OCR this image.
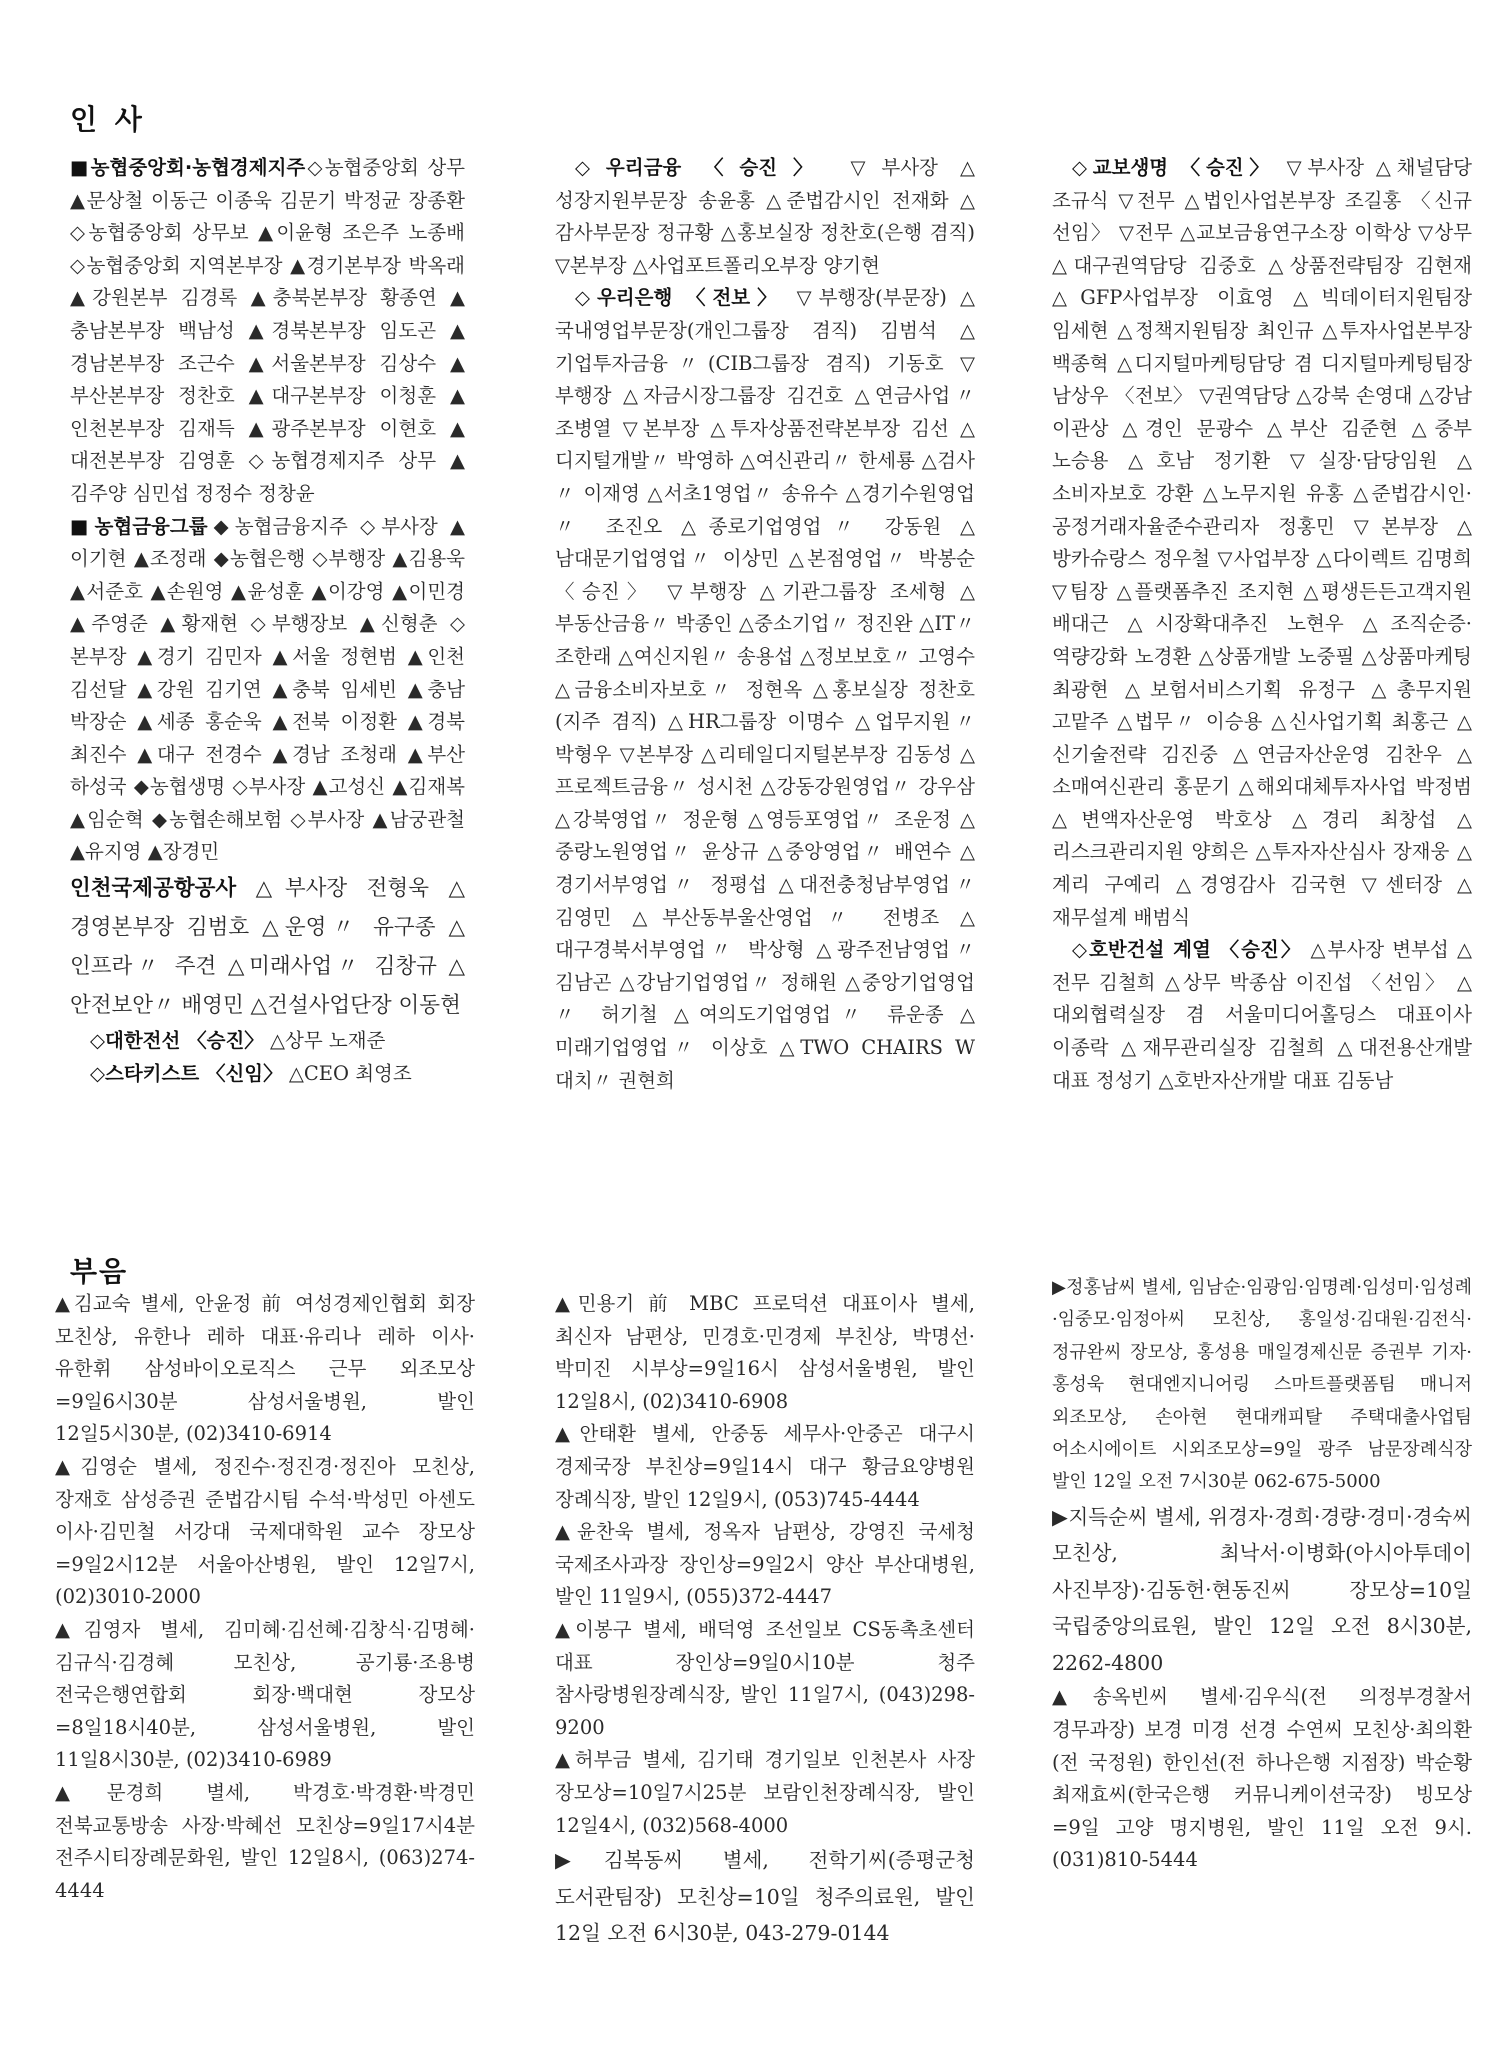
인 사

■농협중앙회·농협경제지주◇농협중앙회 상무 ▲문상철 이동근 이종욱 김문기 박정균 장종환 ◇농협중앙회 상무보 ▲이윤형 조은주 노종배 ◇농협중앙회 지역본부장 ▲경기본부장 박옥래 ▲강원본부 김경록 ▲충북본부장 황종연 ▲충남본부장 백남성 ▲경북본부장 임도곤 ▲경남본부장 조근수 ▲서울본부장 김상수 ▲부산본부장 정찬호 ▲대구본부장 이청훈 ▲인천본부장 김재득 ▲광주본부장 이현호 ▲대전본부장 김영훈 ◇농협경제지주 상무 ▲김주양 심민섭 정정수 정창윤

■농협금융그룹◆농협금융지주 ◇부사장 ▲이기현 ▲조정래 ◆농협은행 ◇부행장 ▲김용욱 ▲서준호 ▲손원영 ▲윤성훈 ▲이강영 ▲이민경 ▲주영준 ▲황재현 ◇부행장보 ▲신형춘 ◇본부장 ▲경기 김민자 ▲서울 정현범 ▲인천 김선달 ▲강원 김기연 ▲충북 임세빈 ▲충남 박장순 ▲세종 홍순욱 ▲전북 이정환 ▲경북 최진수 ▲대구 전경수 ▲경남 조청래 ▲부산 하성국 ◆농협생명 ◇부사장 ▲고성신 ▲김재복 ▲임순혁 ◆농협손해보험 ◇부사장 ▲남궁관철 ▲유지영 ▲장경민

인천국제공항공사 △부사장 전형욱 △경영본부장 김범호 △운영〃 유구종 △인프라〃 주견 △미래사업〃 김창규 △안전보안〃 배영민 △건설사업단장 이동현

◇대한전선 〈승진〉 △상무 노재준

◇스타키스트 〈신임〉 △CEO 최영조

◇우리금융 〈승진〉 ▽부사장 △성장지원부문장 송윤홍 △준법감시인 전재화 △감사부문장 정규황 △홍보실장 정찬호(은행 겸직) ▽본부장 △사업포트폴리오부장 양기현

◇우리은행 〈전보〉 ▽부행장(부문장) △국내영업부문장(개인그룹장 겸직) 김범석 △기업투자금융〃(CIB그룹장 겸직) 기동호 ▽부행장 △자금시장그룹장 김건호 △연금사업〃 조병열 ▽본부장 △투자상품전략본부장 김선 △디지털개발〃 박영하 △여신관리〃 한세룡 △검사〃 이재영 △서초1영업〃 송유수 △경기수원영업〃 조진오 △종로기업영업〃 강동원 △남대문기업영업〃 이상민 △본점영업〃 박봉순 〈승진〉 ▽부행장 △기관그룹장 조세형 △부동산금융〃 박종인 △중소기업〃 정진완 △IT〃 조한래 △여신지원〃 송용섭 △정보보호〃 고영수 △금융소비자보호〃 정현옥 △홍보실장 정찬호(지주 겸직) △HR그룹장 이명수 △업무지원〃 박형우 ▽본부장 △리테일디지털본부장 김동성 △프로젝트금융〃 성시천 △강동강원영업〃 강우삼 △강북영업〃 정운형 △영등포영업〃 조운정 △중랑노원영업〃 윤상규 △중앙영업〃 배연수 △경기서부영업〃 정평섭 △대전충청남부영업〃 김영민 △부산동부울산영업〃 전병조 △대구경북서부영업〃 박상형 △광주전남영업〃 김남곤 △강남기업영업〃 정해원 △중앙기업영업〃 허기철 △여의도기업영업〃 류운종 △미래기업영업〃 이상호 △TWO CHAIRS W 대치〃 권현희

◇교보생명 〈승진〉 ▽부사장 △채널담당 조규식 ▽전무 △법인사업본부장 조길홍 〈신규 선임〉 ▽전무 △교보금융연구소장 이학상 ▽상무 △대구권역담당 김중호 △상품전략팀장 김현재 △GFP사업부장 이효영 △빅데이터지원팀장 임세현 △정책지원팀장 최인규 △투자사업본부장 백종혁 △디지털마케팅담당 겸 디지털마케팅팀장 남상우 〈전보〉 ▽권역담당 △강북 손영대 △강남 이관상 △경인 문광수 △부산 김준현 △중부 노승용 △호남 정기환 ▽실장·담당임원 △소비자보호 강환 △노무지원 유홍 △준법감시인·공정거래자율준수관리자 정홍민 ▽본부장 △방카슈랑스 정우철 ▽사업부장 △다이렉트 김명희 ▽팀장 △플랫폼추진 조지현 △평생든든고객지원 배대근 △시장확대추진 노현우 △조직순증·역량강화 노경환 △상품개발 노중필 △상품마케팅 최광현 △보험서비스기획 유정구 △총무지원 고맡주 △법무〃 이승용 △신사업기획 최홍근 △신기술전략 김진중 △연금자산운영 김찬우 △소매여신관리 홍문기 △해외대체투자사업 박정범 △변액자산운영 박호상 △경리 최창섭 △리스크관리지원 양희은 △투자자산심사 장재웅 △계리 구예리 △경영감사 김국현 ▽센터장 △재무설계 배범식

◇호반건설 계열 〈승진〉 △부사장 변부섭 △전무 김철희 △상무 박종삼 이진섭 〈선임〉 △대외협력실장 겸 서울미디어홀딩스 대표이사 이종락 △재무관리실장 김철희 △대전용산개발 대표 정성기 △호반자산개발 대표 김동남

부음

▲김교숙 별세, 안윤정 前 여성경제인협회 회장 모친상, 유한나 레하 대표·유리나 레하 이사·유한휘 삼성바이오로직스 근무 외조모상=9일6시30분 삼성서울병원, 발인 12일5시30분, (02)3410-6914

▲김영순 별세, 정진수·정진경·정진아 모친상, 장재호 삼성증권 준법감시팀 수석·박성민 아센도 이사·김민철 서강대 국제대학원 교수 장모상=9일2시12분 서울아산병원, 발인 12일7시, (02)3010-2000

▲김영자 별세, 김미혜·김선혜·김창식·김명혜·김규식·김경혜 모친상, 공기룡·조용병 전국은행연합회 회장·백대현 장모상=8일18시40분, 삼성서울병원, 발인 11일8시30분, (02)3410-6989

▲문경희 별세, 박경호·박경환·박경민 전북교통방송 사장·박혜선 모친상=9일17시4분 전주시티장례문화원, 발인 12일8시, (063)274-4444

▲민용기 前 MBC 프로덕션 대표이사 별세, 최신자 남편상, 민경호·민경제 부친상, 박명선·박미진 시부상=9일16시 삼성서울병원, 발인 12일8시, (02)3410-6908

▲안태환 별세, 안중동 세무사·안중곤 대구시 경제국장 부친상=9일14시 대구 황금요양병원 장례식장, 발인 12일9시, (053)745-4444

▲윤찬욱 별세, 정옥자 남편상, 강영진 국세청 국제조사과장 장인상=9일2시 양산 부산대병원, 발인 11일9시, (055)372-4447

▲이봉구 별세, 배덕영 조선일보 CS동촉초센터 대표 장인상=9일0시10분 청주 참사랑병원장례식장, 발인 11일7시, (043)298-9200

▲허부금 별세, 김기태 경기일보 인천본사 사장 장모상=10일7시25분 보람인천장례식장, 발인 12일4시, (032)568-4000

▶김복동씨 별세, 전학기씨(증평군청 도서관팀장) 모친상=10일 청주의료원, 발인 12일 오전 6시30분, 043-279-0144

▶정홍남씨 별세, 임남순·임광임·임명례·임성미·임성례·임중모·임정아씨 모친상, 홍일성·김대원·김전식·정규완씨 장모상, 홍성용 매일경제신문 증권부 기자·홍성욱 현대엔지니어링 스마트플랫폼팀 매니저 외조모상, 손아현 현대캐피탈 주택대출사업팀 어소시에이트 시외조모상=9일 광주 남문장례식장 발인 12일 오전 7시30분 062-675-5000

▶지득순씨 별세, 위경자·경희·경량·경미·경숙씨 모친상, 최낙서·이병화(아시아투데이 사진부장)·김동헌·현동진씨 장모상=10일 국립중앙의료원, 발인 12일 오전 8시30분, 2262-4800

▲송옥빈씨 별세·김우식(전 의정부경찰서 경무과장) 보경 미경 선경 수연씨 모친상·최의환(전 국정원) 한인선(전 하나은행 지점장) 박순황 최재효씨(한국은행 커뮤니케이션국장) 빙모상=9일 고양 명지병원, 발인 11일 오전 9시. (031)810-5444
